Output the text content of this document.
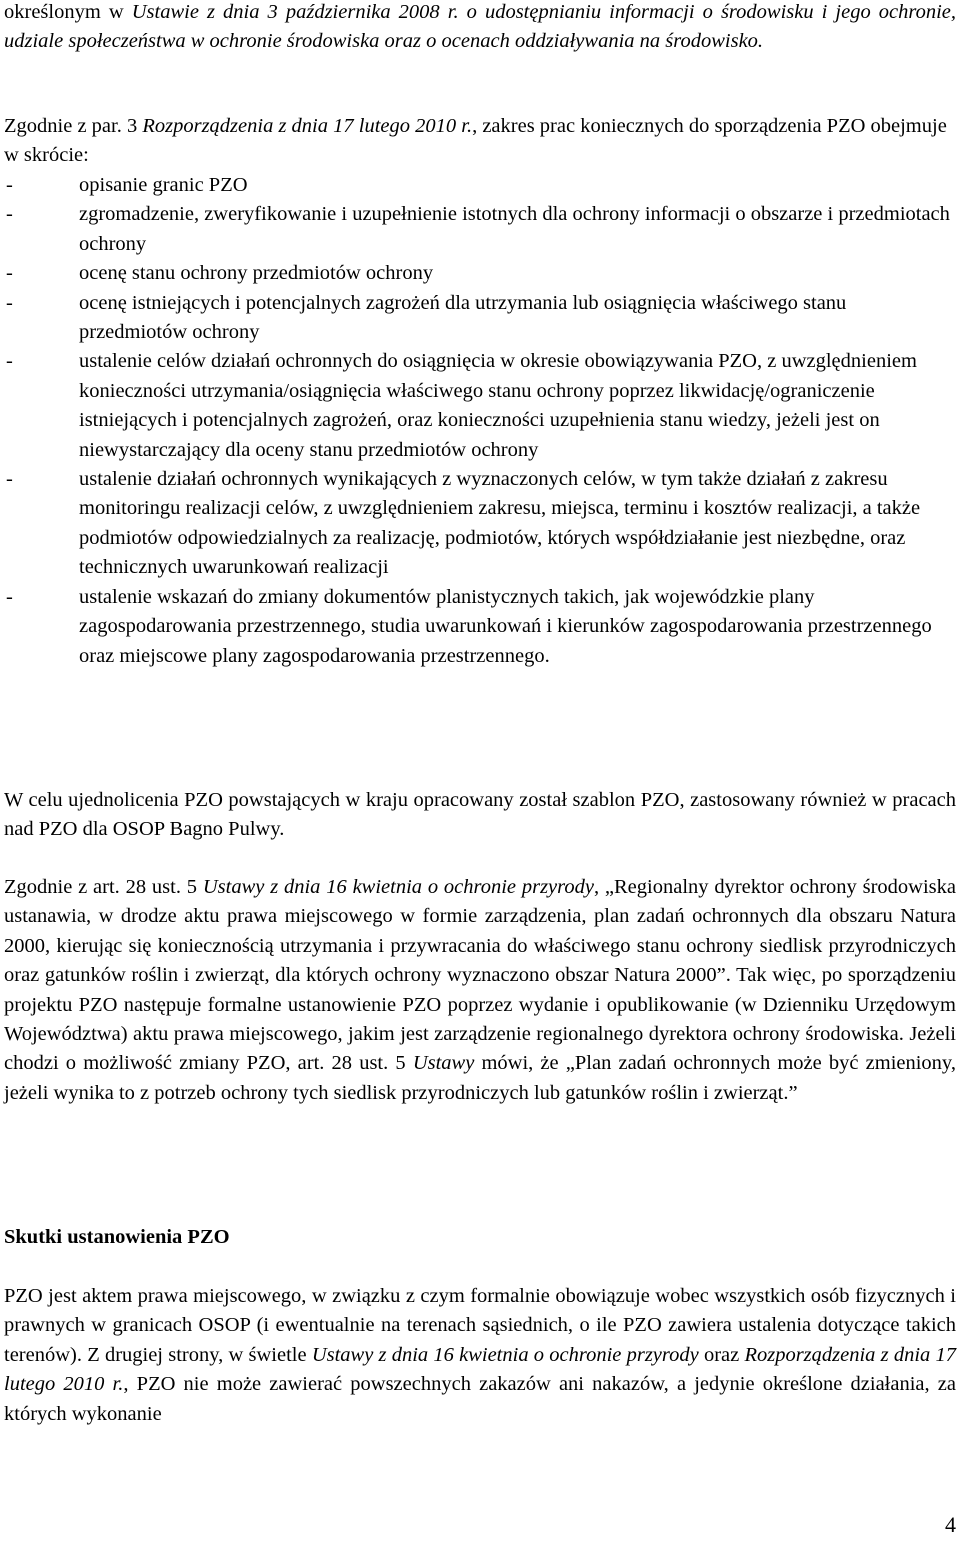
określonym w Ustawie z dnia 3 października 2008 r. o udostępnianiu informacji o środowisku i jego ochronie, udziale społeczeństwa w ochronie środowiska oraz o ocenach oddziaływania na środowisko.

Zgodnie z par. 3 Rozporządzenia z dnia 17 lutego 2010 r., zakres prac koniecznych do sporządzenia PZO obejmuje w skrócie:

-	opisanie granic PZO
-	zgromadzenie, zweryfikowanie i uzupełnienie istotnych dla ochrony informacji o obszarze i przedmiotach ochrony
-	ocenę stanu ochrony przedmiotów ochrony
-	ocenę istniejących i potencjalnych zagrożeń dla utrzymania lub osiągnięcia właściwego stanu przedmiotów ochrony
-	ustalenie celów działań ochronnych do osiągnięcia w okresie obowiązywania PZO, z uwzględnieniem konieczności utrzymania/osiągnięcia właściwego stanu ochrony poprzez likwidację/ograniczenie istniejących i potencjalnych zagrożeń, oraz konieczności uzupełnienia stanu wiedzy, jeżeli jest on niewystarczający dla oceny stanu przedmiotów ochrony
-	ustalenie działań ochronnych wynikających z wyznaczonych celów, w tym także działań z zakresu monitoringu realizacji celów, z uwzględnieniem zakresu, miejsca, terminu i kosztów realizacji, a także podmiotów odpowiedzialnych za realizację, podmiotów, których współdziałanie jest niezbędne, oraz technicznych uwarunkowań realizacji
-	ustalenie wskazań do zmiany dokumentów planistycznych takich, jak wojewódzkie plany zagospodarowania przestrzennego, studia uwarunkowań i kierunków zagospodarowania przestrzennego oraz miejscowe plany zagospodarowania przestrzennego.

W celu ujednolicenia PZO powstających w kraju opracowany został szablon PZO, zastosowany również w pracach nad PZO dla OSOP Bagno Pulwy.

Zgodnie z art. 28 ust. 5 Ustawy z dnia 16 kwietnia o ochronie przyrody, „Regionalny dyrektor ochrony środowiska ustanawia, w drodze aktu prawa miejscowego w formie zarządzenia, plan zadań ochronnych dla obszaru Natura 2000, kierując się koniecznością utrzymania i przywracania do właściwego stanu ochrony siedlisk przyrodniczych oraz gatunków roślin i zwierząt, dla których ochrony wyznaczono obszar Natura 2000”. Tak więc, po sporządzeniu projektu PZO następuje formalne ustanowienie PZO poprzez wydanie i opublikowanie (w Dzienniku Urzędowym Województwa) aktu prawa miejscowego, jakim jest zarządzenie regionalnego dyrektora ochrony środowiska. Jeżeli chodzi o możliwość zmiany PZO, art. 28 ust. 5 Ustawy mówi, że „Plan zadań ochronnych może być zmieniony, jeżeli wynika to z potrzeb ochrony tych siedlisk przyrodniczych lub gatunków roślin i zwierząt.”

Skutki ustanowienia PZO

PZO jest aktem prawa miejscowego, w związku z czym formalnie obowiązuje wobec wszystkich osób fizycznych i prawnych w granicach OSOP (i ewentualnie na terenach sąsiednich, o ile PZO zawiera ustalenia dotyczące takich terenów). Z drugiej strony, w świetle Ustawy z dnia 16 kwietnia o ochronie przyrody oraz Rozporządzenia z dnia 17 lutego 2010 r., PZO nie może zawierać powszechnych zakazów ani nakazów, a jedynie określone działania, za których wykonanie

4
